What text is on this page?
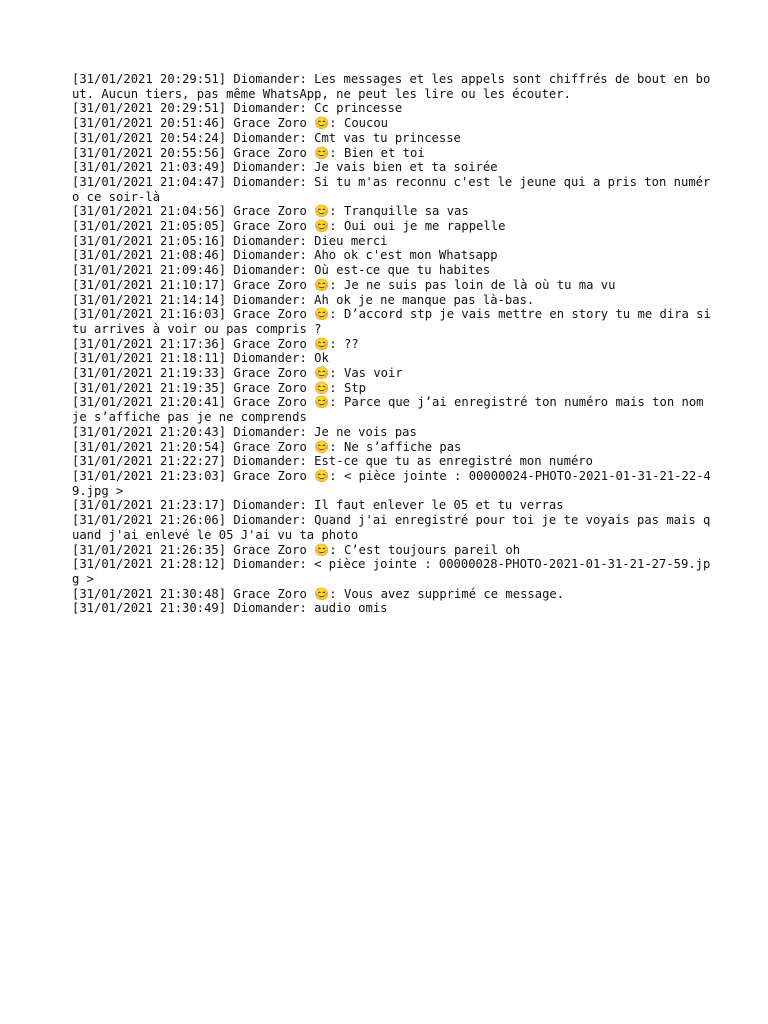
[31/01/2021 20:29:51] Diomander: Les messages et les appels sont chiffrés de bout en bout. Aucun tiers, pas même WhatsApp, ne peut les lire ou les écouter.
[31/01/2021 20:29:51] Diomander: Cc princesse
[31/01/2021 20:51:46] Grace Zoro 😊: Coucou
[31/01/2021 20:54:24] Diomander: Cmt vas tu princesse
[31/01/2021 20:55:56] Grace Zoro 😊: Bien et toi
[31/01/2021 21:03:49] Diomander: Je vais bien et ta soirée
[31/01/2021 21:04:47] Diomander: Si tu m'as reconnu c'est le jeune qui a pris ton numéro ce soir-là
[31/01/2021 21:04:56] Grace Zoro 😊: Tranquille sa vas
[31/01/2021 21:05:05] Grace Zoro 😊: Oui oui je me rappelle
[31/01/2021 21:05:16] Diomander: Dieu merci
[31/01/2021 21:08:46] Diomander: Aho ok c'est mon Whatsapp
[31/01/2021 21:09:46] Diomander: Où est-ce que tu habites
[31/01/2021 21:10:17] Grace Zoro 😊: Je ne suis pas loin de là où tu ma vu
[31/01/2021 21:14:14] Diomander: Ah ok je ne manque pas là-bas.
[31/01/2021 21:16:03] Grace Zoro 😊: D’accord stp je vais mettre en story tu me dira si tu arrives à voir ou pas compris ?
[31/01/2021 21:17:36] Grace Zoro 😊: ??
[31/01/2021 21:18:11] Diomander: Ok
[31/01/2021 21:19:33] Grace Zoro 😊: Vas voir
[31/01/2021 21:19:35] Grace Zoro 😊: Stp
[31/01/2021 21:20:41] Grace Zoro 😊: Parce que j’ai enregistré ton numéro mais ton nom je s’affiche pas je ne comprends
[31/01/2021 21:20:43] Diomander: Je ne vois pas
[31/01/2021 21:20:54] Grace Zoro 😊: Ne s’affiche pas
[31/01/2021 21:22:27] Diomander: Est-ce que tu as enregistré mon numéro
[31/01/2021 21:23:03] Grace Zoro 😊: < pièce jointe : 00000024-PHOTO-2021-01-31-21-22-49.jpg >
[31/01/2021 21:23:17] Diomander: Il faut enlever le 05 et tu verras
[31/01/2021 21:26:06] Diomander: Quand j'ai enregistré pour toi je te voyais pas mais quand j'ai enlevé le 05 J'ai vu ta photo
[31/01/2021 21:26:35] Grace Zoro 😊: C’est toujours pareil oh
[31/01/2021 21:28:12] Diomander: < pièce jointe : 00000028-PHOTO-2021-01-31-21-27-59.jpg >
[31/01/2021 21:30:48] Grace Zoro 😊: Vous avez supprimé ce message.
[31/01/2021 21:30:49] Diomander: audio omis
